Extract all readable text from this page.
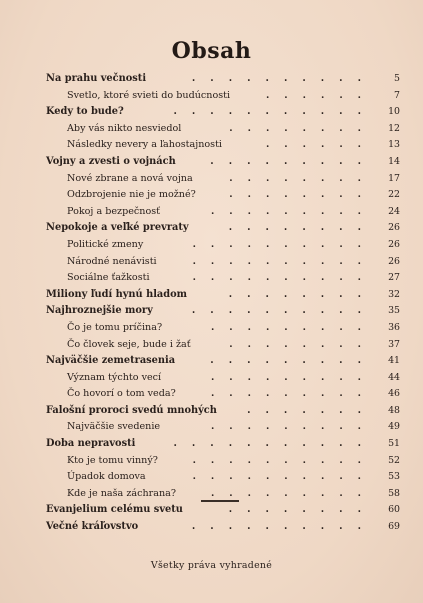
Obsah
Na prahu večnosti	.......... 5
Svetlo, ktoré svieti do budúcnosti	...... 7
Kedy to bude?	........... 10
Aby vás nikto nesviedol	........ 12
Následky nevery a ľahostajnosti	...... 13
Vojny a zvesti o vojnách	......... 14
Nové zbrane a nová vojna	........ 17
Odzbrojenie nie je možné?	........ 22
Pokoj a bezpečnosť	......... 24
Nepokoje a veľké prevraty	........ 26
Politické zmeny	.......... 26
Národné nenávisti	.......... 26
Sociálne ťažkosti	.......... 27
Miliony ľudí hynú hladom	........ 32
Najhroznejšie mory	.......... 35
Čo je tomu príčina?	......... 36
Čo človek seje, bude i žať	........ 37
Najväčšie zemetrasenia	......... 41
Význam týchto vecí	......... 44
Čo hovorí o tom veda?	......... 46
Falošní proroci svedú mnohých	....... 48
Najväčšie svedenie	......... 49
Doba nepravosti	........... 51
Kto je tomu vinný?	.......... 52
Úpadok domova	.......... 53
Kde je naša záchrana?	......... 58
Evanjelium celému svetu	........ 60
Večné kráľovstvo	.......... 69
Všetky práva vyhradené
